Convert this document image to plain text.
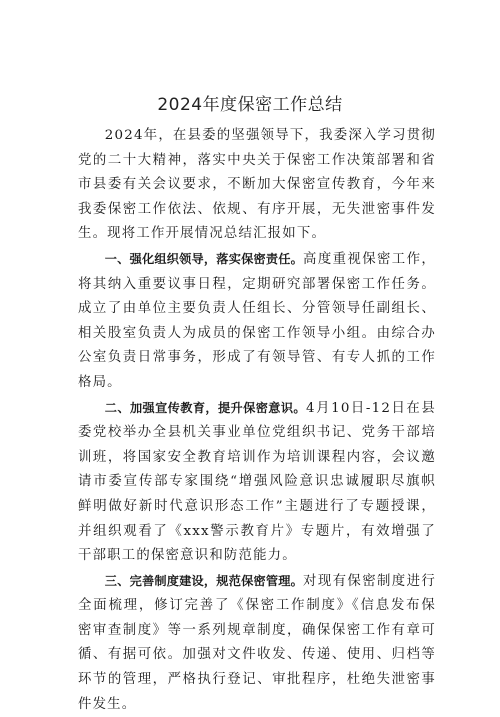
2024年度保密工作总结

2024年，在县委的坚强领导下，我委深入学习贯彻党的二十大精神，落实中央关于保密工作决策部署和省市县委有关会议要求，不断加大保密宣传教育，今年来我委保密工作依法、依规、有序开展，无失泄密事件发生。现将工作开展情况总结汇报如下。

一、强化组织领导，落实保密责任。高度重视保密工作，将其纳入重要议事日程，定期研究部署保密工作任务。成立了由单位主要负责人任组长、分管领导任副组长、相关股室负责人为成员的保密工作领导小组。由综合办公室负责日常事务，形成了有领导管、有专人抓的工作格局。

二、加强宣传教育，提升保密意识。4月10日-12日在县委党校举办全县机关事业单位党组织书记、党务干部培训班，将国家安全教育培训作为培训课程内容，会议邀请市委宣传部专家围绕“增强风险意识忠诚履职尽旗帜鲜明做好新时代意识形态工作”主题进行了专题授课，并组织观看了《xxx警示教育片》专题片，有效增强了干部职工的保密意识和防范能力。

三、完善制度建设，规范保密管理。对现有保密制度进行全面梳理，修订完善了《保密工作制度》《信息发布保密审查制度》等一系列规章制度，确保保密工作有章可循、有据可依。加强对文件收发、传递、使用、归档等环节的管理，严格执行登记、审批程序，杜绝失泄密事件发生。
